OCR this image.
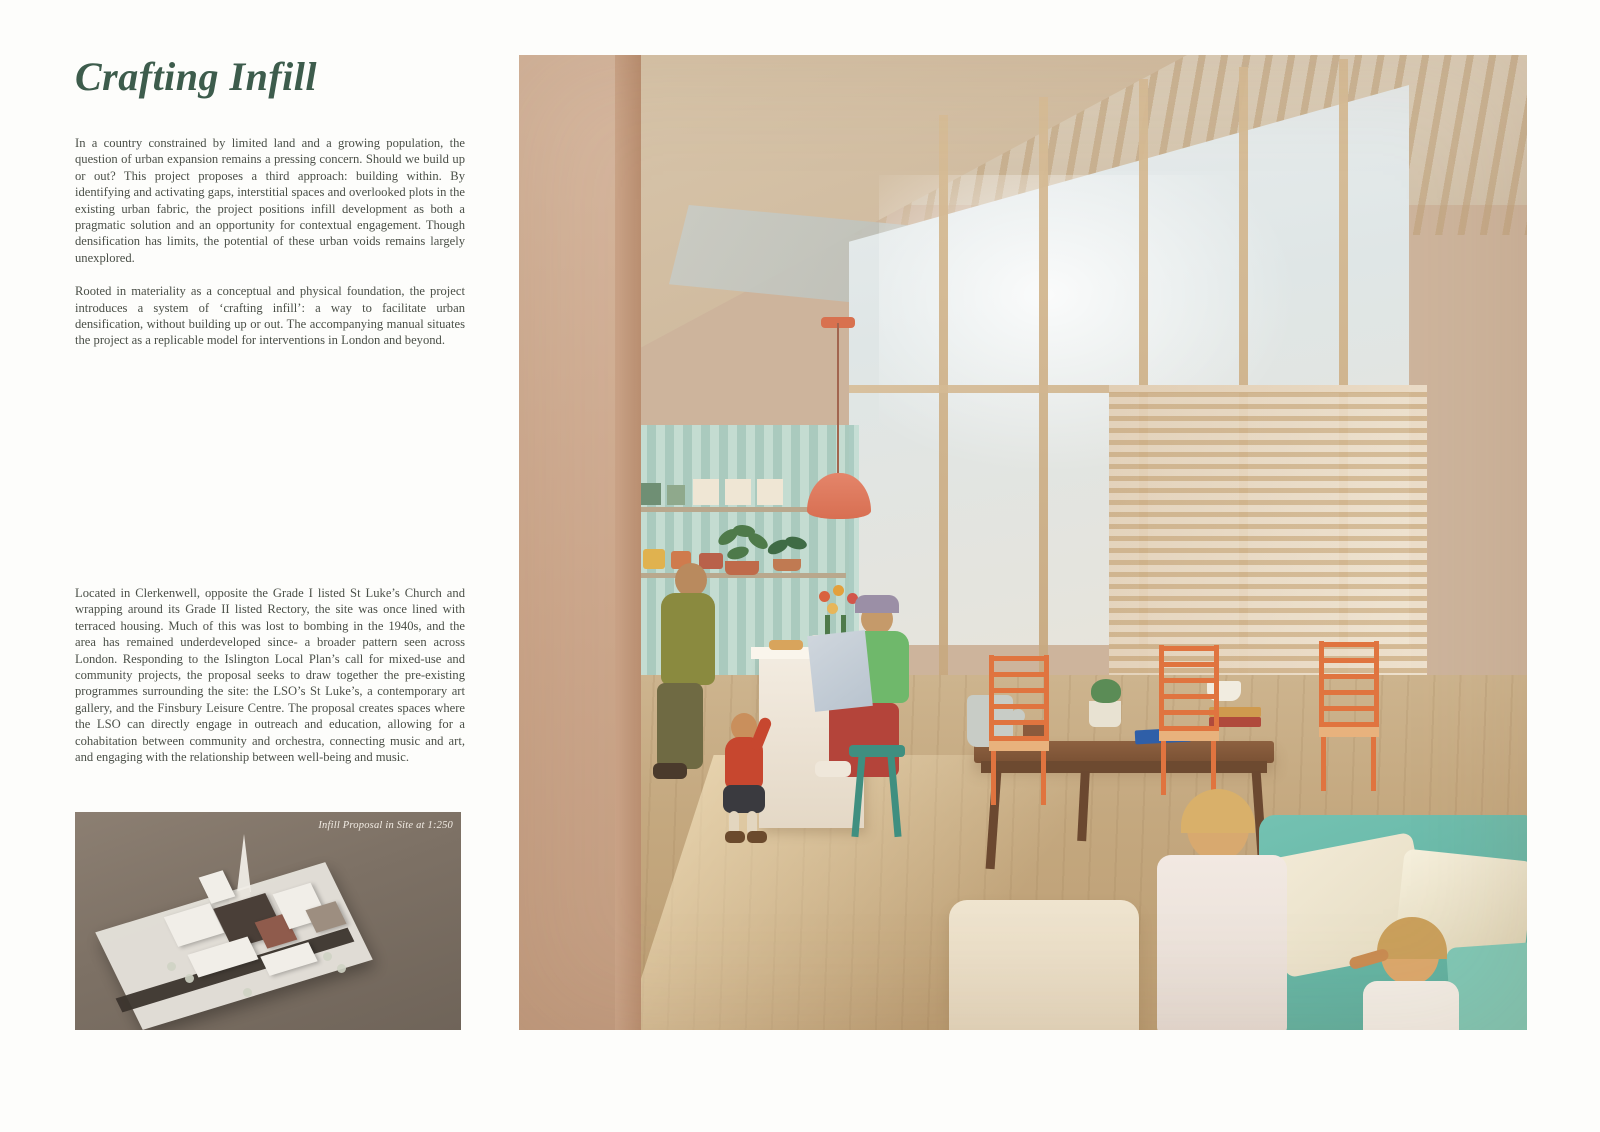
Crafting Infill

In a country constrained by limited land and a growing population, the question of urban expansion remains a pressing concern. Should we build up or out? This project proposes a third approach: building within. By identifying and activating gaps, interstitial spaces and overlooked plots in the existing urban fabric, the project positions infill development as both a pragmatic solution and an opportunity for contextual engagement. Though densification has limits, the potential of these urban voids remains largely unexplored.

Rooted in materiality as a conceptual and physical foundation, the project introduces a system of ‘crafting infill’: a way to facilitate urban densification, without building up or out. The accompanying manual situates the project as a replicable model for interventions in London and beyond.

Located in Clerkenwell, opposite the Grade I listed St Luke’s Church and wrapping around its Grade II listed Rectory, the site was once lined with terraced housing. Much of this was lost to bombing in the 1940s, and the area has remained underdeveloped since- a broader pattern seen across London. Responding to the Islington Local Plan’s call for mixed-use and community projects, the proposal seeks to draw together the pre-existing programmes surrounding the site: the LSO’s St Luke’s, a contemporary art gallery, and the Finsbury Leisure Centre. The proposal creates spaces where the LSO can directly engage in outreach and education, allowing for a cohabitation between community and orchestra, connecting music and art, and engaging with the relationship between well-being and music.

Infill Proposal in Site at 1:250
